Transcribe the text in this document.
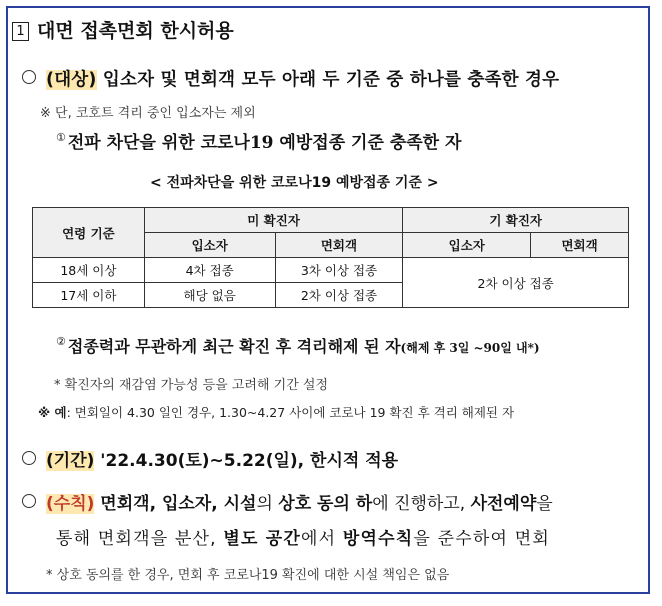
1 대면 접촉면회 한시허용
(대상) 입소자 및 면회객 모두 아래 두 기준 중 하나를 충족한 경우
※ 단, 코호트 격리 중인 입소자는 제외
① 전파 차단을 위한 코로나19 예방접종 기준 충족한 자
< 전파차단을 위한 코로나19 예방접종 기준 >
연령 기준	미 확진자		기 확진자	
	입소자	면회객	입소자	면회객
18세 이상	4차 접종	3차 이상 접종	2차 이상 접종	
17세 이하	해당 없음	2차 이상 접종		
② 접종력과 무관하게 최근 확진 후 격리해제 된 자(해제 후 3일 ~90일 내*)
* 확진자의 재감염 가능성 등을 고려해 기간 설정
※ 예: 면회일이 4.30 일인 경우, 1.30~4.27 사이에 코로나 19 확진 후 격리 해제된 자
(기간) '22.4.30(토)~5.22(일), 한시적 적용
(수칙) 면회객, 입소자, 시설의 상호 동의 하에 진행하고, 사전예약을
통해 면회객을 분산, 별도 공간에서 방역수칙을 준수하여 면회
* 상호 동의를 한 경우, 면회 후 코로나19 확진에 대한 시설 책임은 없음
